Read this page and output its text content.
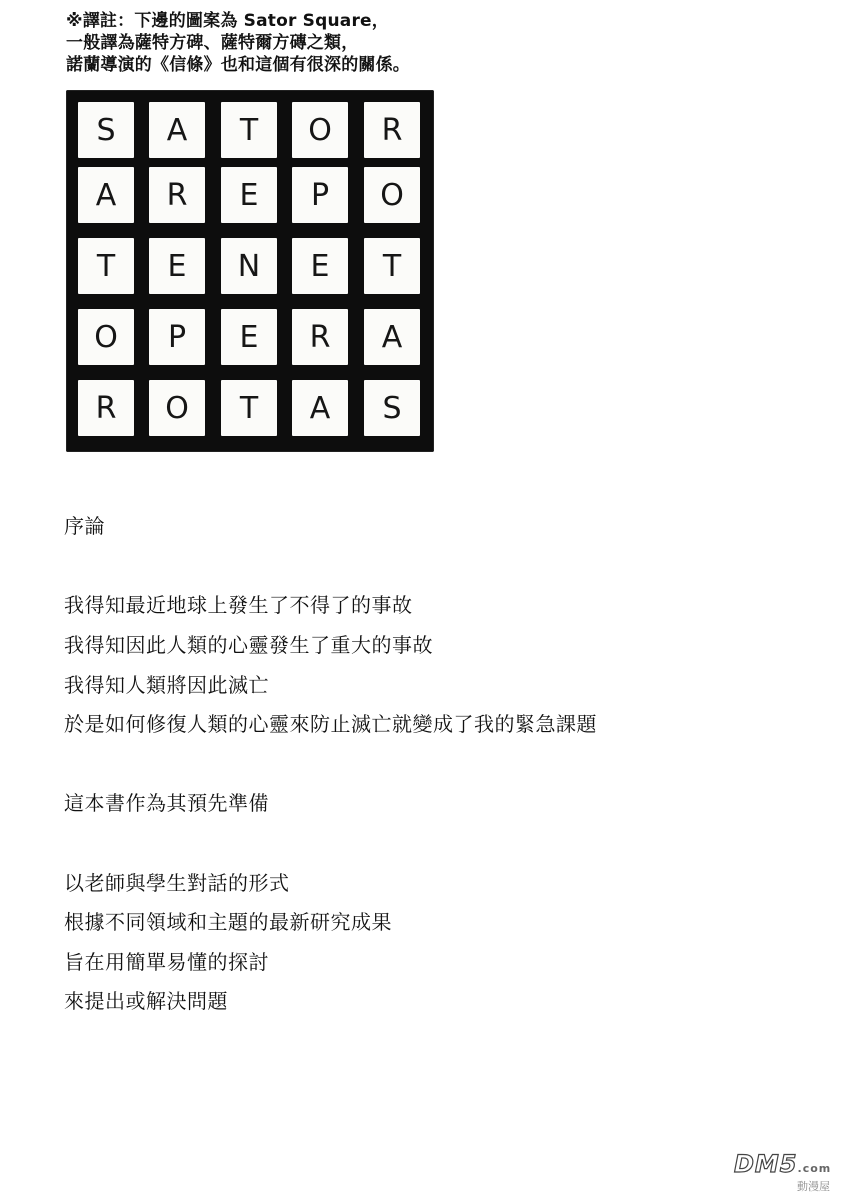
※譯註：下邊的圖案為 Sator Square，
一般譯為薩特方碑、薩特爾方磚之類，
諾蘭導演的《信條》也和這個有很深的關係。
S	A	T	O	R
A	R	E	P	O
T	E	N	E	T
O	P	E	R	A
R	O	T	A	S
序論
我得知最近地球上發生了不得了的事故
我得知因此人類的心靈發生了重大的事故
我得知人類將因此滅亡
於是如何修復人類的心靈來防止滅亡就變成了我的緊急課題
這本書作為其預先準備
以老師與學生對話的形式
根據不同領域和主題的最新研究成果
旨在用簡單易懂的探討
來提出或解決問題
DM5.com
動漫屋
